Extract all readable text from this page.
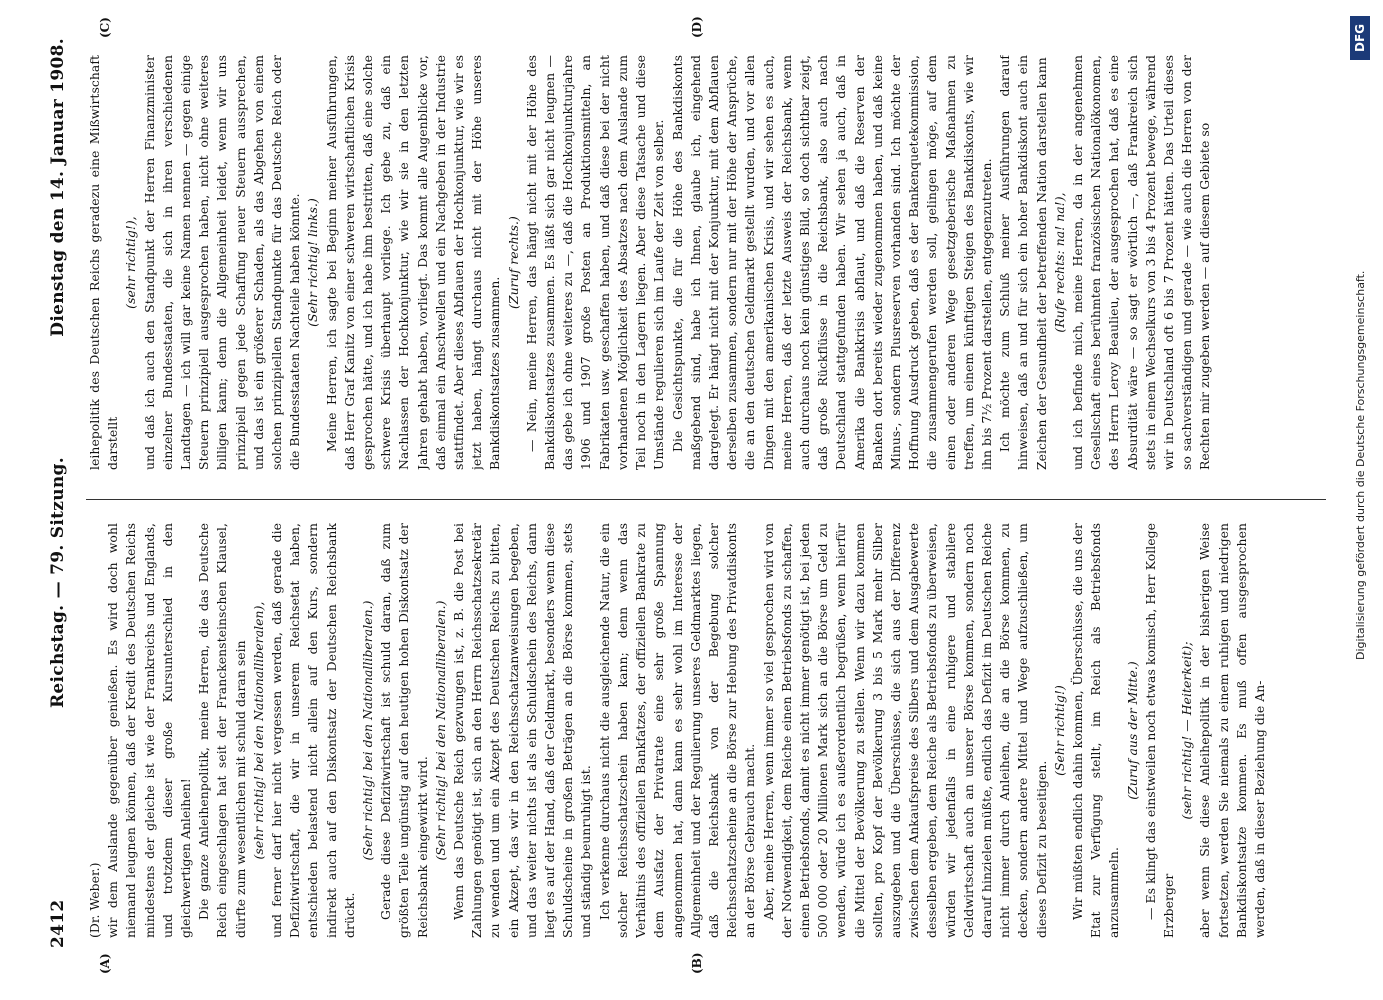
2412
Reichstag. — 79. Sitzung.
Dienstag den 14. Januar 1908.
(A)	(B)
(C)	(D)

(Dr. Weber.) wir dem Auslande gegenüber genießen. Es wird doch wohl niemand leugnen können, daß der Kredit des Deutschen Reichs mindestens der gleiche ist wie der Frankreichs und Englands, und trotzdem dieser große Kursunterschied in den gleichwertigen Anleihen! Die ganze Anleihenpolitik, meine Herren, die das Deutsche Reich eingeschlagen hat seit der Franckensteinschen Klausel, dürfte zum wesentlichen mit schuld daran sein (sehr richtig! bei den Nationalliberalen), und ferner darf hier nicht vergessen werden, daß gerade die Defizitwirtschaft, die wir in unserem Reichsetat haben, entschieden belastend nicht allein auf den Kurs, sondern indirekt auch auf den Diskontsatz der Deutschen Reichsbank drückt.

(Sehr richtig! bei den Nationalliberalen.) Gerade diese Defizitwirtschaft ist schuld daran, daß zum größten Teile ungünstig auf den heutigen hohen Diskontsatz der Reichsbank eingewirkt wird. (Sehr richtig! bei den Nationalliberalen.) Wenn das Deutsche Reich gezwungen ist, z. B. die Post bei Zahlungen genötigt ist, sich an den Herrn Reichsschatzsekretär zu wenden und um ein Akzept des Deutschen Reichs zu bitten, ein Akzept, das wir in den Reichsschatzanweisungen begeben, und das weiter nichts ist als ein Schuldschein des Reichs, dann liegt es auf der Hand, daß der Geldmarkt, besonders wenn diese Schuldscheine in großen Beträgen an die Börse kommen, stets und ständig beunruhigt ist. Ich verkenne durchaus nicht die ausgleichende Natur, die ein solcher Reichsschatzschein haben kann; denn wenn das Verhältnis des offiziellen Bankfatzes, der offiziellen Bankrate zu dem Ausfatz der Privatrate eine sehr große Spannung angenommen hat, dann kann es sehr wohl im Interesse der Allgemeinheit und der Regulierung unseres Geldmarktes liegen, daß die Reichsbank von der Begebung solcher Reichsschatzscheine an die Börse zur Hebung des Privatdiskonts an der Börse Gebrauch macht. Aber, meine Herren, wenn immer so viel gesprochen wird von der Notwendigkeit, dem Reiche einen Betriebsfonds zu schaffen, einen Betriebsfonds, damit es nicht immer genötigt ist, bei jeden 500 000 oder 20 Millionen Mark sich an die Börse um Geld zu wenden, würde ich es außerordentlich begrüßen, wenn hierfür die Mittel der Bevölkerung zu stellen. Wenn wir dazu kommen sollten, pro Kopf der Bevölkerung 3 bis 5 Mark mehr Silber auszugeben und die Überschüsse, die sich aus der Differenz zwischen dem Ankaufspreise des Silbers und dem Ausgabewerte desselben ergeben, dem Reiche als Betriebsfonds zu überweisen, würden wir jedenfalls in eine ruhigere und stabilere Geldwirtschaft auch an unserer Börse kommen, sondern noch darauf hinzielen müßte, endlich das Defizit im Deutschen Reiche nicht immer durch Anleihen, die an die Börse kommen, zu decken, sondern andere Mittel und Wege aufzuschließen, um dieses Defizit zu beseitigen.

(Sehr richtig!) Wir müßten endlich dahin kommen, Überschüsse, die uns der Etat zur Verfügung stellt, im Reich als Betriebsfonds anzusammeln.

(Zuruf aus der Mitte.) — Es klingt das einstweilen noch etwas komisch, Herr Kollege Erzberger

(sehr richtig! — Heiterkeit); aber wenn Sie diese Anleihepolitik in der bisherigen Weise fortsetzen, werden Sie niemals zu einem ruhigen und niedrigen Bankdiskontsatze kommen. Es muß offen ausgesprochen werden, daß in dieser Beziehung die An-

leihepolitik des Deutschen Reichs geradezu eine Mißwirtschaft darstellt

(sehr richtig!), und daß ich auch den Standpunkt der Herren Finanzminister einzelner Bundesstaaten, die sich in ihren verschiedenen Landtagen — ich will gar keine Namen nennen — gegen einige Steuern prinzipiell ausgesprochen haben, nicht ohne weiteres billigen kann; denn die Allgemeinheit leidet, wenn wir uns prinzipiell gegen jede Schaffung neuer Steuern aussprechen, und das ist ein größerer Schaden, als das Abgehen von einem solchen prinzipiellen Standpunkte für das Deutsche Reich oder die Bundesstaaten Nachteile haben könnte. (Sehr richtig! links.) Meine Herren, ich sagte bei Beginn meiner Ausführungen, daß Herr Graf Kanitz von einer schweren wirtschaftlichen Krisis gesprochen hätte, und ich habe ihm bestritten, daß eine solche schwere Krisis überhaupt vorliege. Ich gebe zu, daß ein Nachlassen der Hochkonjunktur, wie wir sie in den letzten Jahren gehabt haben, vorliegt. Das kommt alle Augenblicke vor, daß einmal ein Anschwellen und ein Nachgeben in der Industrie stattfindet. Aber dieses Abflauen der Hochkonjunktur, wie wir es jetzt haben, hängt durchaus nicht mit der Höhe unseres Bankdiskontsatzes zusammen.

(Zuruf rechts.) — Nein, meine Herren, das hängt nicht mit der Höhe des Bankdiskontsatzes zusammen. Es läßt sich gar nicht leugnen — das gebe ich ohne weiteres zu —, daß die Hochkonjunkturjahre 1906 und 1907 große Posten an Produktionsmitteln, an Fabrikaten usw. geschaffen haben, und daß diese bei der nicht vorhandenen Möglichkeit des Absatzes nach dem Auslande zum Teil noch in den Lagern liegen. Aber diese Tatsache und diese Umstände regulieren sich im Laufe der Zeit von selber. Die Gesichtspunkte, die für die Höhe des Bankdiskonts maßgebend sind, habe ich Ihnen, glaube ich, eingehend dargelegt. Er hängt nicht mit der Konjunktur, mit dem Abflauen derselben zusammen, sondern nur mit der Höhe der Ansprüche, die an den deutschen Geldmarkt gestellt wurden, und vor allen Dingen mit den amerikanischen Krisis, und wir sehen es auch, meine Herren, daß der letzte Ausweis der Reichsbank, wenn auch durchaus noch kein günstiges Bild, so doch sichtbar zeigt, daß große Rückflüsse in die Reichsbank, also auch nach Deutschland stattgefunden haben. Wir sehen ja auch, daß in Amerika die Bankkrisis abflaut, und daß die Reserven der Banken dort bereits wieder zugenommen haben, und daß keine Minus-, sondern Plusreserven vorhanden sind. Ich möchte der Hoffnung Ausdruck geben, daß es der Bankenquetekommission, die zusammengerufen werden soll, gelingen möge, auf dem einen oder anderen Wege gesetzgeberische Maßnahmen zu treffen, um einem künftigen Steigen des Bankdiskonts, wie wir ihn bis 7½ Prozent darstellen, entgegenzutreten. Ich möchte zum Schluß meiner Ausführungen darauf hinweisen, daß an und für sich ein hoher Bankdiskont auch ein Zeichen der Gesundheit der betreffenden Nation darstellen kann (Rufe rechts: na! na!), und ich befinde mich, meine Herren, da in der angenehmen Gesellschaft eines berühmten französischen Nationalökonomen, des Herrn Leroy Beaulieu, der ausgesprochen hat, daß es eine Absurdität wäre — so sagt er wörtlich —, daß Frankreich sich stets in einem Wechselkurs von 3 bis 4 Prozent bewege, während wir in Deutschland oft 6 bis 7 Prozent hätten. Das Urteil dieses so sachverständigen und gerade — wie auch die Herren von der Rechten mir zugeben werden — auf diesem Gebiete so	Digitalisierung gefördert durch die Deutsche Forschungsgemeinschaft.
DFG
